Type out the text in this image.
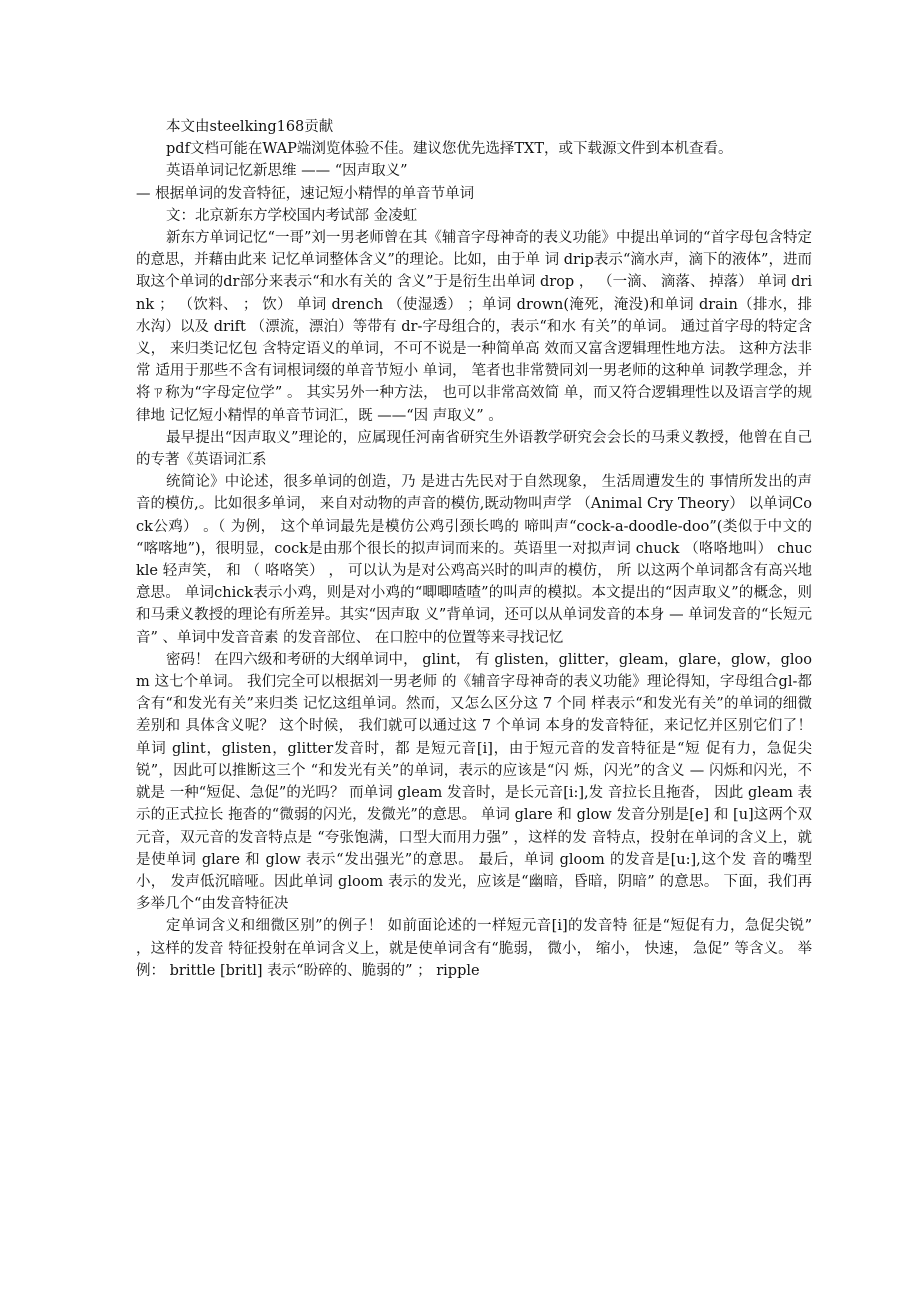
本文由steelking168贡献

pdf文档可能在WAP端浏览体验不佳。建议您优先选择TXT，或下载源文件到本机查看。

英语单词记忆新思维 —— “因声取义”

— 根据单词的发音特征，速记短小精悍的单音节单词

文：北京新东方学校国内考试部 金凌虹

新东方单词记忆“一哥”刘一男老师曾在其《辅音字母神奇的表义功能》中提出单词的“首字母包含特定的意思，并藉由此来 记忆单词整体含义”的理论。比如，由于单 词 drip表示“滴水声，滴下的液体”，进而 取这个单词的dr部分来表示“和水有关的 含义”于是衍生出单词 drop ， （一滴、 滴落、 掉落） 单词 drink ； （饮料、 ； 饮） 单词 drench （使湿透） ；单词 drown(淹死，淹没)和单词 drain（排水，排水沟）以及 drift （漂流，漂泊）等带有 dr-字母组合的，表示“和水 有关”的单词。 通过首字母的特定含义， 来归类记忆包 含特定语义的单词，不可不说是一种简单高 效而又富含逻辑理性地方法。 这种方法非常 适用于那些不含有词根词缀的单音节短小 单词， 笔者也非常赞同刘一男老师的这种单 词教学理念，并将ㄗ称为“字母定位学” 。 其实另外一种方法， 也可以非常高效简 单，而又符合逻辑理性以及语言学的规律地 记忆短小精悍的单音节词汇，既 ——“因 声取义” 。

最早提出“因声取义”理论的，应属现任河南省研究生外语教学研究会会长的马秉义教授，他曾在自己的专著《英语词汇系

统简论》中论述，很多单词的创造，乃 是进古先民对于自然现象， 生活周遭发生的 事情所发出的声音的模仿,。比如很多单词， 来自对动物的声音的模仿,既动物叫声学 （Animal Cry Theory） 以单词Cock公鸡） 。（ 为例， 这个单词最先是模仿公鸡引颈长鸣的 啼叫声“cock-a-doodle-doo”(类似于中文的 “喀喀地”)，很明显，cock是由那个很长的拟声词而来的。英语里一对拟声词 chuck （咯咯地叫） chuckle 轻声笑， 和 （ 咯咯笑） ， 可以认为是对公鸡高兴时的叫声的模仿， 所 以这两个单词都含有高兴地意思。 单词chick表示小鸡，则是对小鸡的“唧唧喳喳”的叫声的模拟。本文提出的“因声取义”的概念，则和马秉义教授的理论有所差异。其实“因声取 义”背单词，还可以从单词发音的本身 — 单词发音的“长短元音” 、单词中发音音素 的发音部位、 在口腔中的位置等来寻找记忆

密码！ 在四六级和考研的大纲单词中， glint， 有 glisten，glitter，gleam，glare，glow，gloom 这七个单词。 我们完全可以根据刘一男老师 的《辅音字母神奇的表义功能》理论得知，字母组合gl-都含有“和发光有关”来归类 记忆这组单词。然而，又怎么区分这 7 个同 样表示“和发光有关”的单词的细微差别和 具体含义呢？ 这个时候， 我们就可以通过这 7 个单词 本身的发音特征，来记忆并区别它们了！ 单词 glint，glisten，glitter发音时，都 是短元音[i]，由于短元音的发音特征是“短 促有力，急促尖锐”，因此可以推断这三个 “和发光有关”的单词，表示的应该是“闪 烁，闪光”的含义 — 闪烁和闪光，不就是 一种“短促、急促”的光吗？ 而单词 gleam 发音时，是长元音[i:],发 音拉长且拖沓， 因此 gleam 表示的正式拉长 拖沓的“微弱的闪光，发微光”的意思。 单词 glare 和 glow 发音分别是[e] 和 [u]这两个双元音，双元音的发音特点是 “夸张饱满，口型大而用力强” ，这样的发 音特点，投射在单词的含义上，就是使单词 glare 和 glow 表示“发出强光”的意思。 最后，单词 gloom 的发音是[u:],这个发 音的嘴型小， 发声低沉暗哑。因此单词 gloom 表示的发光，应该是“幽暗，昏暗，阴暗” 的意思。 下面，我们再多举几个“由发音特征决

定单词含义和细微区别”的例子！ 如前面论述的一样短元音[i]的发音特 征是“短促有力，急促尖锐” ，这样的发音 特征投射在单词含义上，就是使单词含有“脆弱， 微小， 缩小， 快速， 急促” 等含义。 举例： brittle [britl] 表示“盼碎的、脆弱的” ； ripple
